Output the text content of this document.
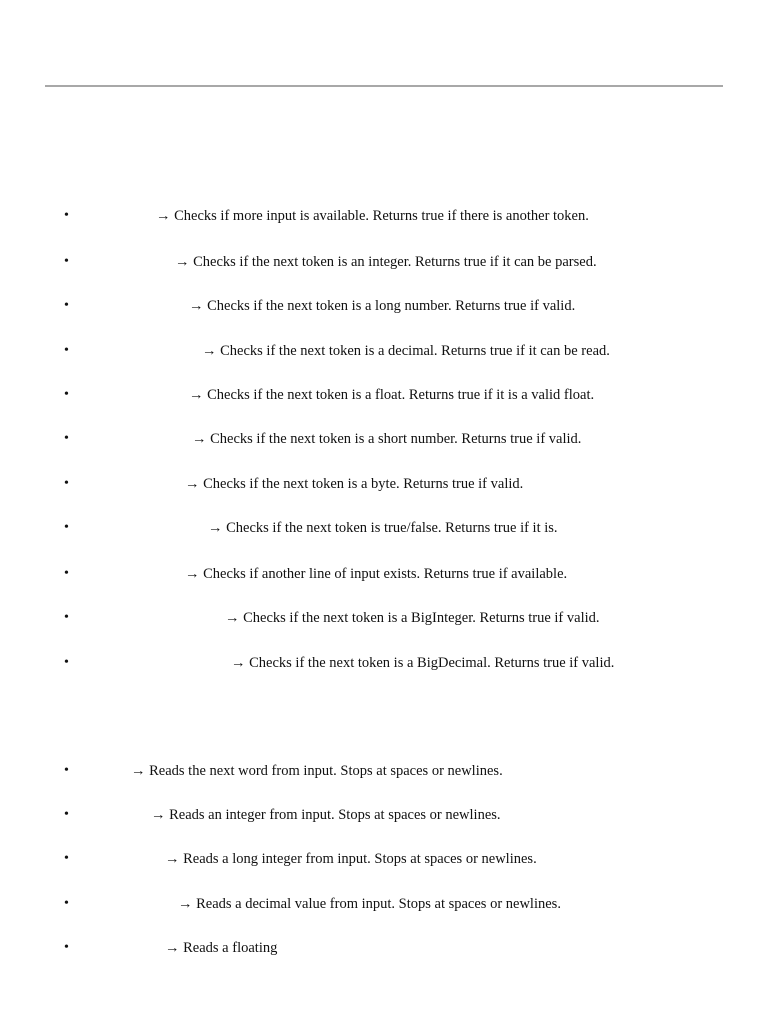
•	→ Checks if more input is available. Returns true if there is another token.
•	→ Checks if the next token is an integer. Returns true if it can be parsed.
•	→ Checks if the next token is a long number. Returns true if valid.
•	→ Checks if the next token is a decimal. Returns true if it can be read.
•	→ Checks if the next token is a float. Returns true if it is a valid float.
•	→ Checks if the next token is a short number. Returns true if valid.
•	→ Checks if the next token is a byte. Returns true if valid.
•	→ Checks if the next token is true/false. Returns true if it is.
•	→ Checks if another line of input exists. Returns true if available.
•	→ Checks if the next token is a BigInteger. Returns true if valid.
•	→ Checks if the next token is a BigDecimal. Returns true if valid.
•	→ Reads the next word from input. Stops at spaces or newlines.
•	→ Reads an integer from input. Stops at spaces or newlines.
•	→ Reads a long integer from input. Stops at spaces or newlines.
•	→ Reads a decimal value from input. Stops at spaces or newlines.
•	→ Reads a floating
